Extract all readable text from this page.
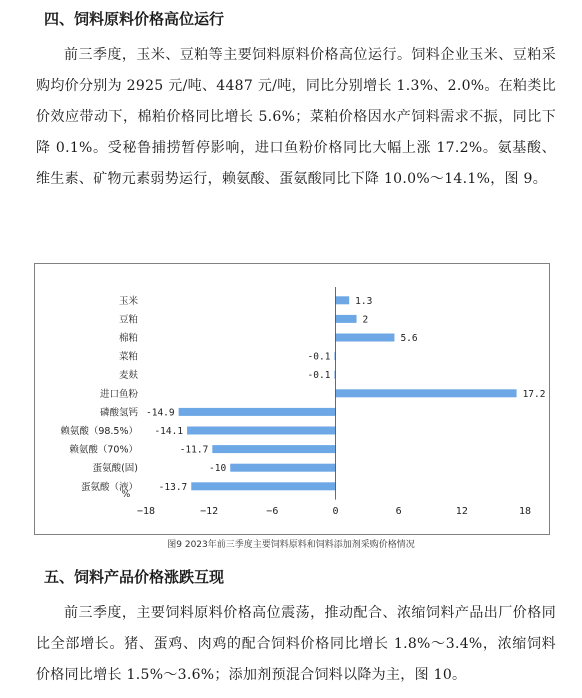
四、饲料原料价格高位运行

前三季度，玉米、豆粕等主要饲料原料价格高位运行。饲料企业玉米、豆粕采购均价分别为 2925 元/吨、4487 元/吨，同比分别增长 1.3%、2.0%。在粕类比价效应带动下，棉粕价格同比增长 5.6%；菜粕价格因水产饲料需求不振，同比下降 0.1%。受秘鲁捕捞暂停影响，进口鱼粉价格同比大幅上涨 17.2%。氨基酸、维生素、矿物元素弱势运行，赖氨酸、蛋氨酸同比下降 10.0%～14.1%，图 9。

玉米	1.3
豆粕	2
棉粕	5.6
菜粕	-0.1
麦麸	-0.1
进口鱼粉	17.2
磷酸氢钙 -14.9
赖氨酸（98.5%） -14.1
赖氨酸（70%）	-11.7
蛋氨酸(固)	-10
蛋氨酸（液） -13.7
−18	−12	−6	0	6	12	18
%
图9 2023年前三季度主要饲料原料和饲料添加剂采购价格情况
五、饲料产品价格涨跌互现

前三季度，主要饲料原料价格高位震荡，推动配合、浓缩饲料产品出厂价格同比全部增长。猪、蛋鸡、肉鸡的配合饲料价格同比增长 1.8%～3.4%，浓缩饲料价格同比增长 1.5%～3.6%；添加剂预混合饲料以降为主，图 10。
